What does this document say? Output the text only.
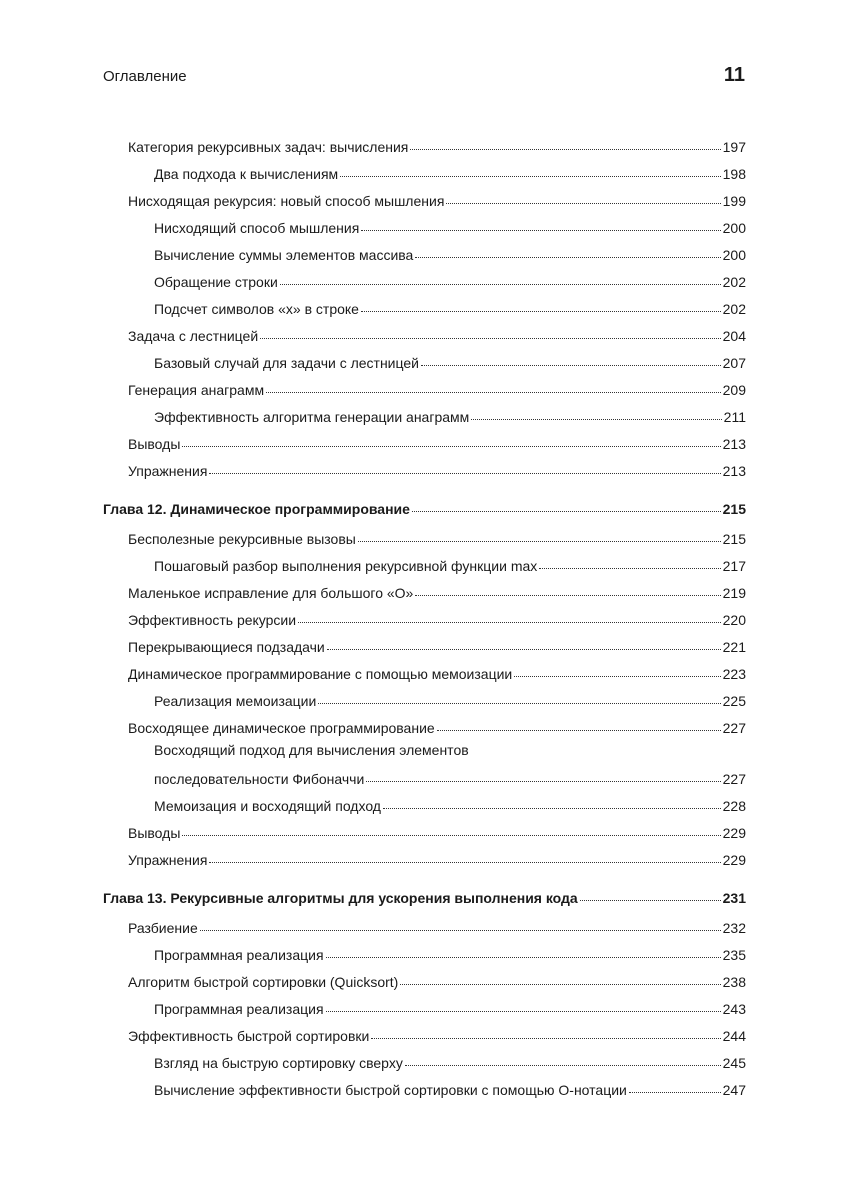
Оглавление	11
Категория рекурсивных задач: вычисления	197
Два подхода к вычислениям	198
Нисходящая рекурсия: новый способ мышления	199
Нисходящий способ мышления	200
Вычисление суммы элементов массива	200
Обращение строки	202
Подсчет символов «x» в строке	202
Задача с лестницей	204
Базовый случай для задачи с лестницей	207
Генерация анаграмм	209
Эффективность алгоритма генерации анаграмм	211
Выводы	213
Упражнения	213
Глава 12. Динамическое программирование	215
Бесполезные рекурсивные вызовы	215
Пошаговый разбор выполнения рекурсивной функции max	217
Маленькое исправление для большого «О»	219
Эффективность рекурсии	220
Перекрывающиеся подзадачи	221
Динамическое программирование с помощью мемоизации	223
Реализация мемоизации	225
Восходящее динамическое программирование	227
Восходящий подход для вычисления элементов
последовательности Фибоначчи	227
Мемоизация и восходящий подход	228
Выводы	229
Упражнения	229
Глава 13. Рекурсивные алгоритмы для ускорения выполнения кода	231
Разбиение	232
Программная реализация	235
Алгоритм быстрой сортировки (Quicksort)	238
Программная реализация	243
Эффективность быстрой сортировки	244
Взгляд на быструю сортировку сверху	245
Вычисление эффективности быстрой сортировки с помощью O-нотации	247
